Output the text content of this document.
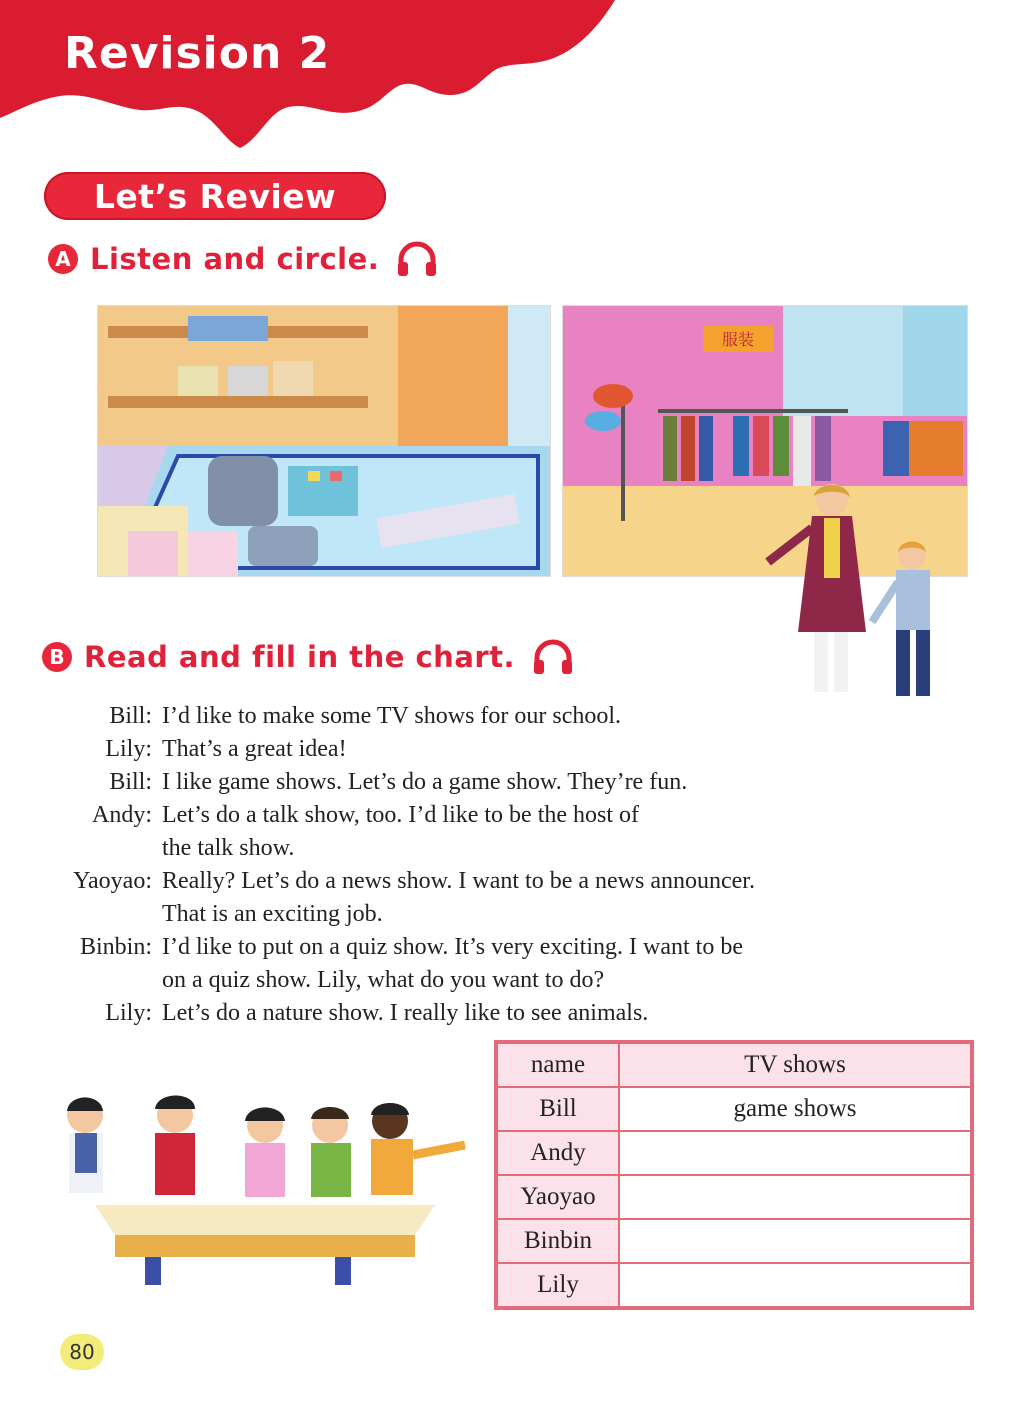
Revision 2
Let’s Review
A Listen and circle.
服装
B Read and fill in the chart.
Bill: I’d like to make some TV shows for our school.
Lily: That’s a great idea!
Bill: I like game shows. Let’s do a game show. They’re fun.
Andy: Let’s do a talk show, too. I’d like to be the host of
the talk show.
Yaoyao: Really? Let’s do a news show. I want to be a news announcer.
That is an exciting job.
Binbin: I’d like to put on a quiz show. It’s very exciting. I want to be
on a quiz show. Lily, what do you want to do?
Lily: Let’s do a nature show. I really like to see animals.
name	TV shows
Bill	game shows
Andy	
Yaoyao	
Binbin	
Lily	
80
